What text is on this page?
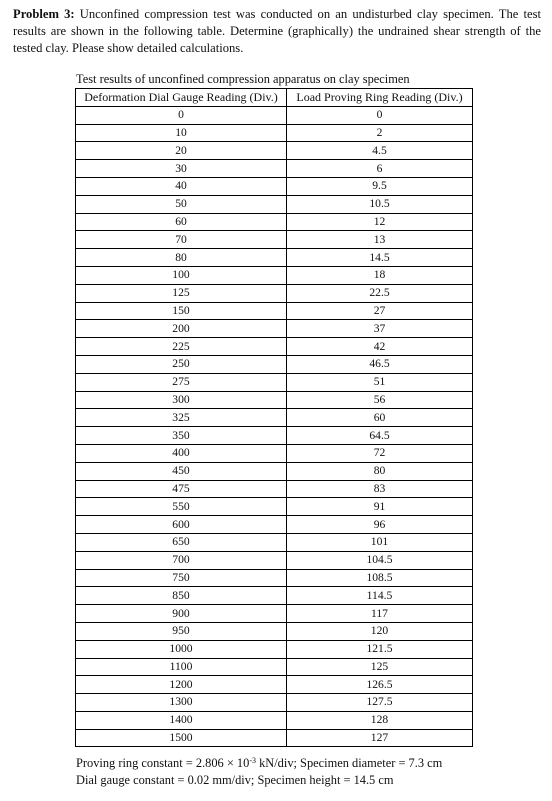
Problem 3: Unconfined compression test was conducted on an undisturbed clay specimen. The test results are shown in the following table. Determine (graphically) the undrained shear strength of the tested clay. Please show detailed calculations.
Test results of unconfined compression apparatus on clay specimen
Deformation Dial Gauge Reading (Div.)	Load Proving Ring Reading (Div.)
0	0
10	2
20	4.5
30	6
40	9.5
50	10.5
60	12
70	13
80	14.5
100	18
125	22.5
150	27
200	37
225	42
250	46.5
275	51
300	56
325	60
350	64.5
400	72
450	80
475	83
550	91
600	96
650	101
700	104.5
750	108.5
850	114.5
900	117
950	120
1000	121.5
1100	125
1200	126.5
1300	127.5
1400	128
1500	127
Proving ring constant = $2.806 \times 10^{-3}$ kN/div; Specimen diameter = 7.3 cm
Dial gauge constant = 0.02 mm/div; Specimen height = 14.5 cm
